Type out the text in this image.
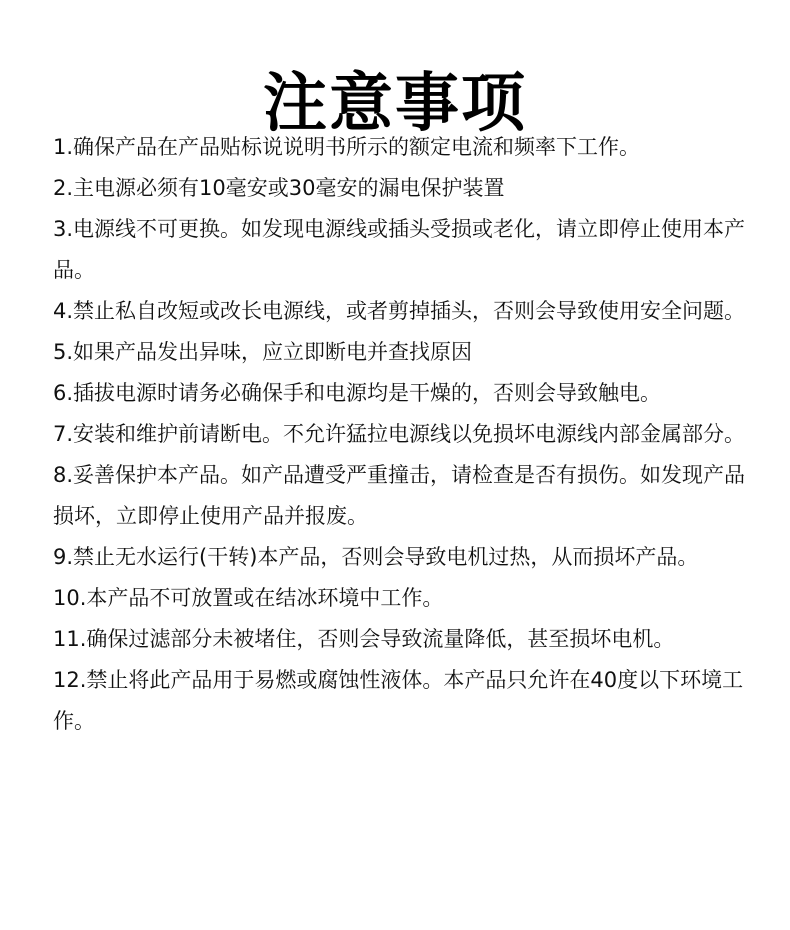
注意事项
1.确保产品在产品贴标说说明书所示的额定电流和频率下工作。
2.主电源必须有10毫安或30毫安的漏电保护装置
3.电源线不可更换。如发现电源线或插头受损或老化，请立即停止使用本产品。
4.禁止私自改短或改长电源线，或者剪掉插头，否则会导致使用安全问题。
5.如果产品发出异味，应立即断电并查找原因
6.插拔电源时请务必确保手和电源均是干燥的，否则会导致触电。
7.安装和维护前请断电。不允许猛拉电源线以免损坏电源线内部金属部分。
8.妥善保护本产品。如产品遭受严重撞击，请检查是否有损伤。如发现产品损坏，立即停止使用产品并报废。
9.禁止无水运行(干转)本产品，否则会导致电机过热，从而损坏产品。
10.本产品不可放置或在结冰环境中工作。
11.确保过滤部分未被堵住，否则会导致流量降低，甚至损坏电机。
12.禁止将此产品用于易燃或腐蚀性液体。本产品只允许在40度以下环境工作。
